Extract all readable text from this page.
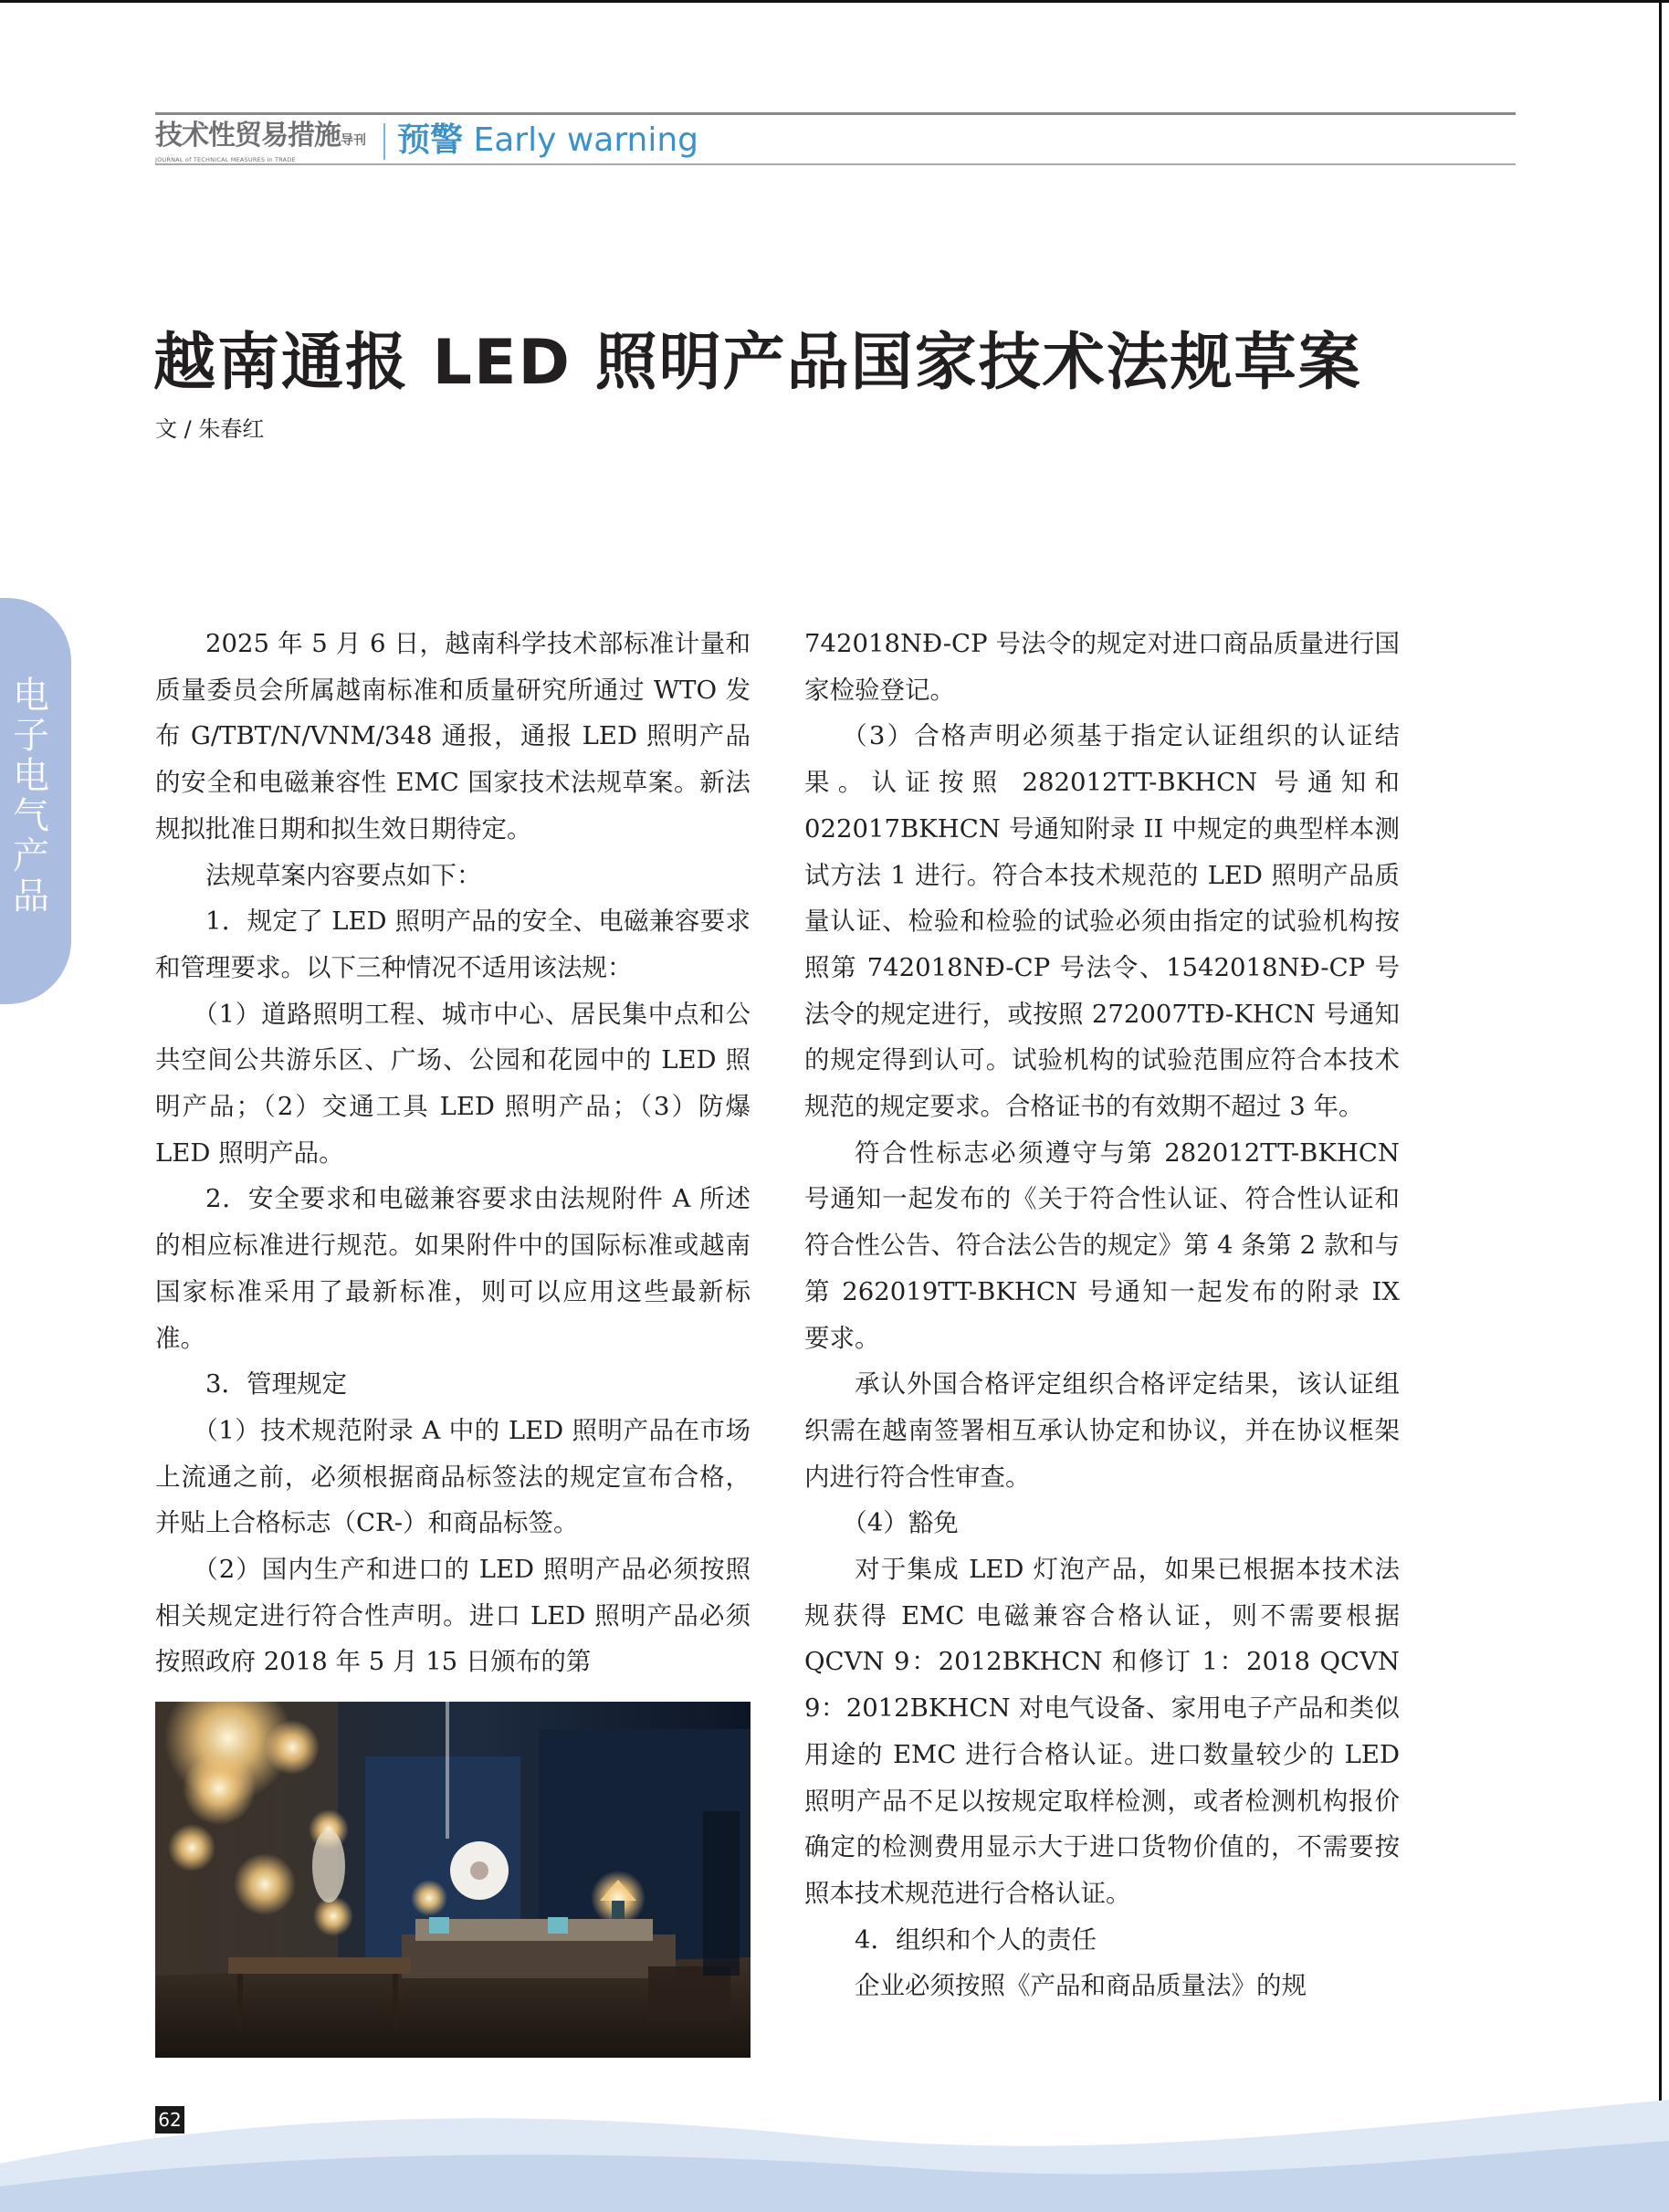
技术性贸易措施导刊
JOURNAL of TECHNICAL MEASURES in TRADE
预警 Early warning
越南通报 LED 照明产品国家技术法规草案
文 / 朱春红
电
子
电
气
产
品

2025 年 5 月 6 日，越南科学技术部标准计量和质量委员会所属越南标准和质量研究所通过 WTO 发布 G/TBT/N/VNM/348 通报，通报 LED 照明产品的安全和电磁兼容性 EMC 国家技术法规草案。新法规拟批准日期和拟生效日期待定。

法规草案内容要点如下：

1．规定了 LED 照明产品的安全、电磁兼容要求和管理要求。以下三种情况不适用该法规：

（1）道路照明工程、城市中心、居民集中点和公共空间公共游乐区、广场、公园和花园中的 LED 照明产品；（2）交通工具 LED 照明产品；（3）防爆 LED 照明产品。

2．安全要求和电磁兼容要求由法规附件 A 所述的相应标准进行规范。如果附件中的国际标准或越南国家标准采用了最新标准，则可以应用这些最新标准。

3．管理规定

（1）技术规范附录 A 中的 LED 照明产品在市场上流通之前，必须根据商品标签法的规定宣布合格，并贴上合格标志（CR-）和商品标签。

（2）国内生产和进口的 LED 照明产品必须按照相关规定进行符合性声明。进口 LED 照明产品必须按照政府 2018 年 5 月 15 日颁布的第

742018NĐ-CP 号法令的规定对进口商品质量进行国家检验登记。

（3）合格声明必须基于指定认证组织的认证结果。认证按照 282012TT-BKHCN 号通知和 022017BKHCN 号通知附录 II 中规定的典型样本测试方法 1 进行。符合本技术规范的 LED 照明产品质量认证、检验和检验的试验必须由指定的试验机构按照第 742018NĐ-CP 号法令、1542018NĐ-CP 号法令的规定进行，或按照 272007TĐ-KHCN 号通知的规定得到认可。试验机构的试验范围应符合本技术规范的规定要求。合格证书的有效期不超过 3 年。

符合性标志必须遵守与第 282012TT-BKHCN 号通知一起发布的《关于符合性认证、符合性认证和符合性公告、符合法公告的规定》第 4 条第 2 款和与第 262019TT-BKHCN 号通知一起发布的附录 IX 要求。

承认外国合格评定组织合格评定结果，该认证组织需在越南签署相互承认协定和协议，并在协议框架内进行符合性审查。

（4）豁免

对于集成 LED 灯泡产品，如果已根据本技术法规获得 EMC 电磁兼容合格认证，则不需要根据 QCVN 9：2012BKHCN 和修订 1：2018 QCVN 9：2012BKHCN 对电气设备、家用电子产品和类似用途的 EMC 进行合格认证。进口数量较少的 LED 照明产品不足以按规定取样检测，或者检测机构报价确定的检测费用显示大于进口货物价值的，不需要按照本技术规范进行合格认证。

4．组织和个人的责任

企业必须按照《产品和商品质量法》的规

62
